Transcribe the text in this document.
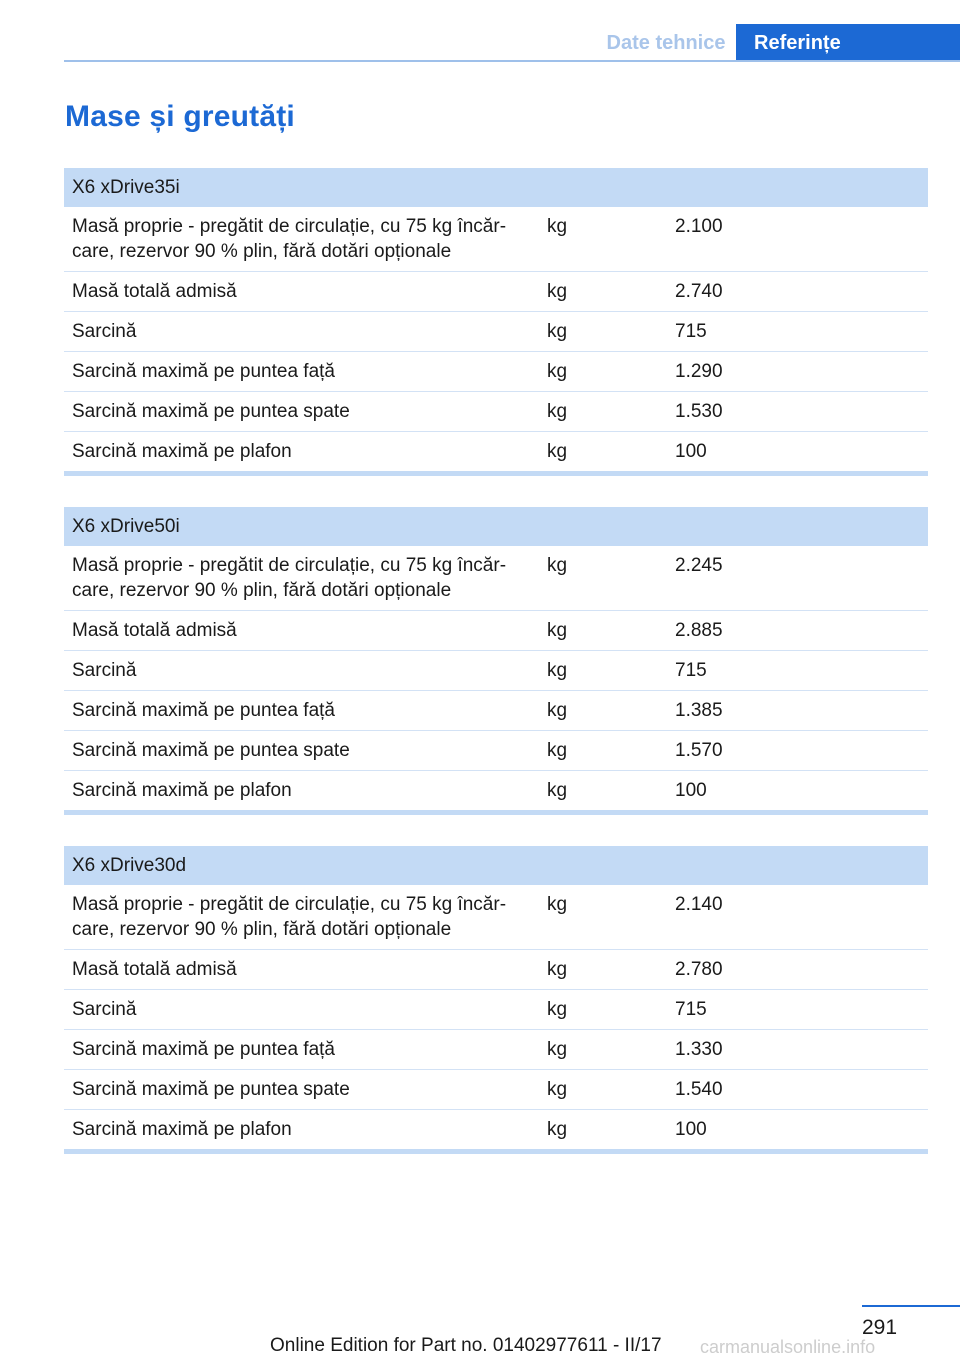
Date tehnice	Referințe
Mase și greutăți
X6 xDrive35i		
Masă proprie - pregătit de circulație, cu 75 kg încăr‐
care, rezervor 90 % plin, fără dotări opționale	kg	2.100
Masă totală admisă	kg	2.740
Sarcină	kg	715
Sarcină maximă pe puntea față	kg	1.290
Sarcină maximă pe puntea spate	kg	1.530
Sarcină maximă pe plafon	kg	100
X6 xDrive50i		
Masă proprie - pregătit de circulație, cu 75 kg încăr‐
care, rezervor 90 % plin, fără dotări opționale	kg	2.245
Masă totală admisă	kg	2.885
Sarcină	kg	715
Sarcină maximă pe puntea față	kg	1.385
Sarcină maximă pe puntea spate	kg	1.570
Sarcină maximă pe plafon	kg	100
X6 xDrive30d		
Masă proprie - pregătit de circulație, cu 75 kg încăr‐
care, rezervor 90 % plin, fără dotări opționale	kg	2.140
Masă totală admisă	kg	2.780
Sarcină	kg	715
Sarcină maximă pe puntea față	kg	1.330
Sarcină maximă pe puntea spate	kg	1.540
Sarcină maximă pe plafon	kg	100
291
Online Edition for Part no. 01402977611 - II/17 carmanualsonline.info
